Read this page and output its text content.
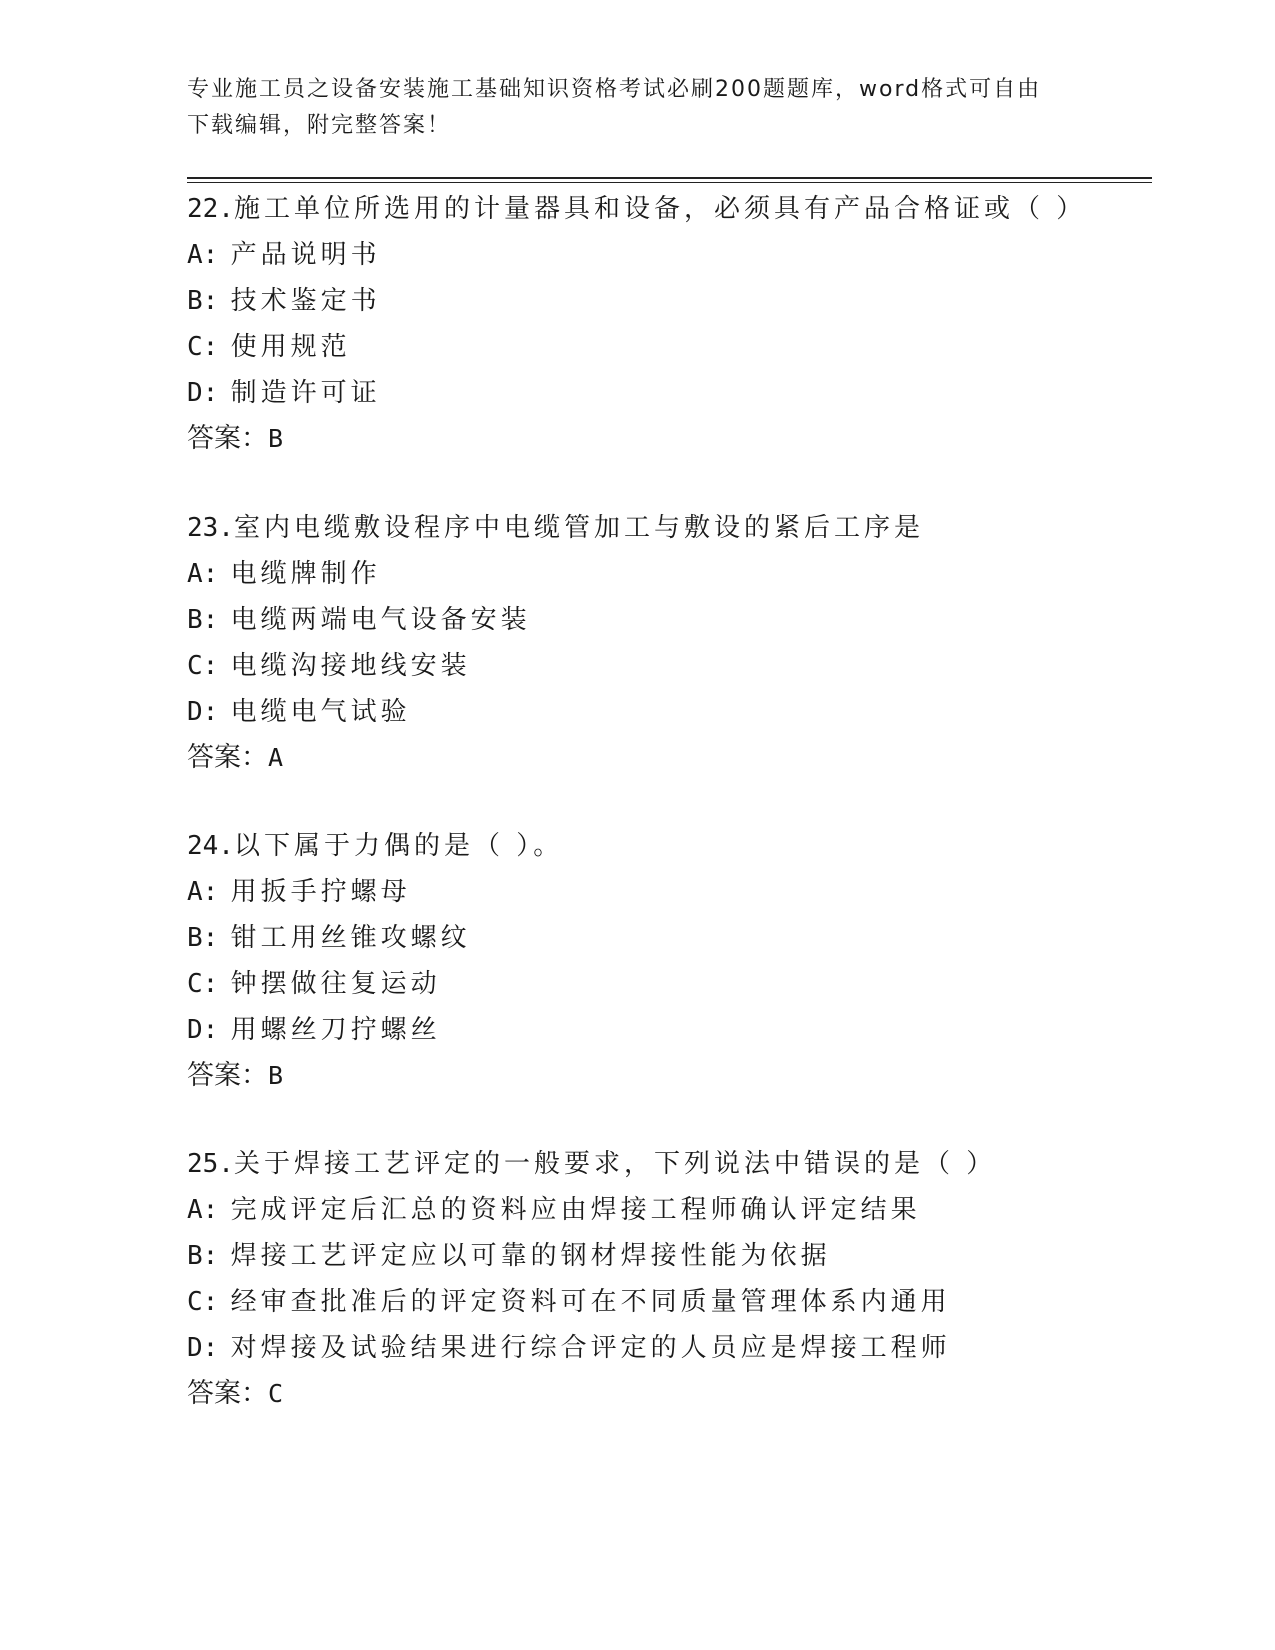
专业施工员之设备安装施工基础知识资格考试必刷200题题库，word格式可自由
下载编辑，附完整答案！
22.施工单位所选用的计量器具和设备，必须具有产品合格证或（ ）
A: 产品说明书
B: 技术鉴定书
C: 使用规范
D: 制造许可证
答案：B
23.室内电缆敷设程序中电缆管加工与敷设的紧后工序是
A: 电缆牌制作
B: 电缆两端电气设备安装
C: 电缆沟接地线安装
D: 电缆电气试验
答案：A
24.以下属于力偶的是（ ）。
A: 用扳手拧螺母
B: 钳工用丝锥攻螺纹
C: 钟摆做往复运动
D: 用螺丝刀拧螺丝
答案：B
25.关于焊接工艺评定的一般要求，下列说法中错误的是（ ）
A: 完成评定后汇总的资料应由焊接工程师确认评定结果
B: 焊接工艺评定应以可靠的钢材焊接性能为依据
C: 经审查批准后的评定资料可在不同质量管理体系内通用
D: 对焊接及试验结果进行综合评定的人员应是焊接工程师
答案：C
